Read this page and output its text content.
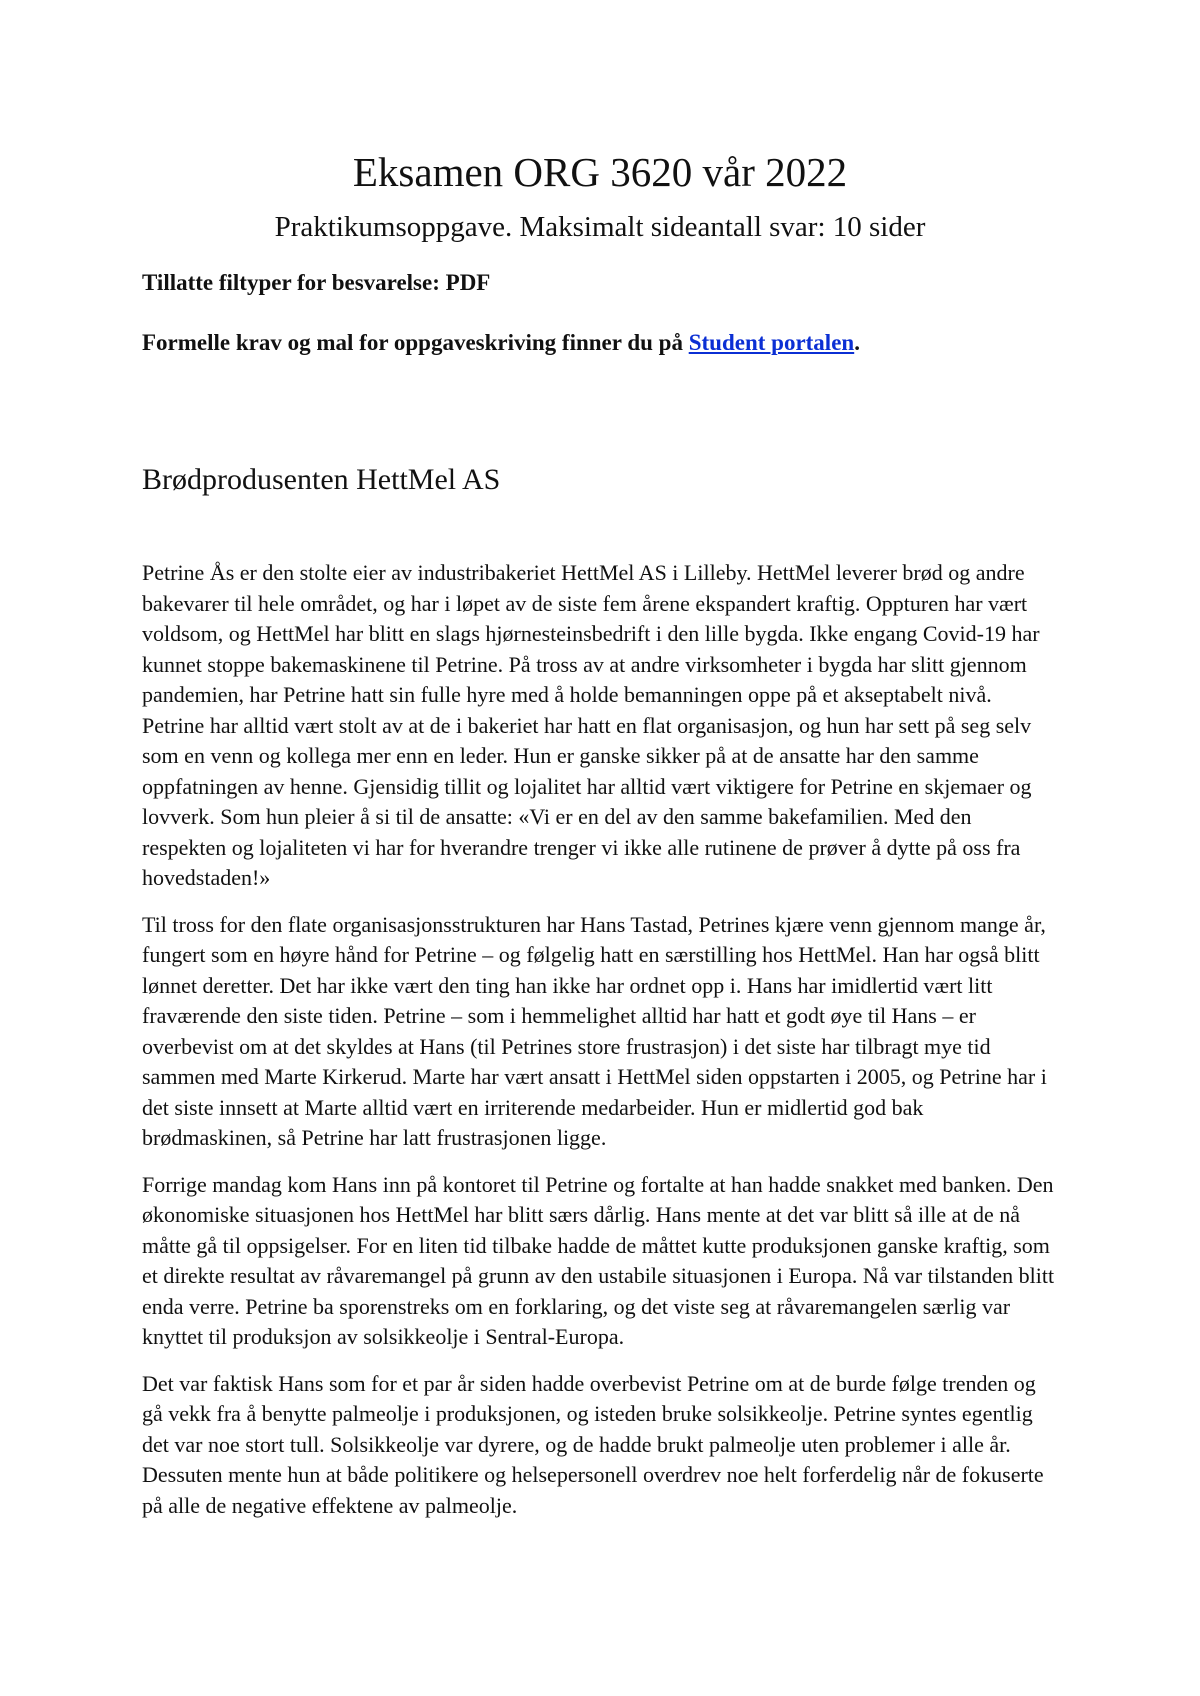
Eksamen ORG 3620 vår 2022
Praktikumsoppgave. Maksimalt sideantall svar: 10 sider

Tillatte filtyper for besvarelse: PDF

Formelle krav og mal for oppgaveskriving finner du på Student portalen.

Brødprodusenten HettMel AS

Petrine Ås er den stolte eier av industribakeriet HettMel AS i Lilleby. HettMel leverer brød og andre bakevarer til hele området, og har i løpet av de siste fem årene ekspandert kraftig. Oppturen har vært voldsom, og HettMel har blitt en slags hjørnesteinsbedrift i den lille bygda. Ikke engang Covid-19 har kunnet stoppe bakemaskinene til Petrine. På tross av at andre virksomheter i bygda har slitt gjennom pandemien, har Petrine hatt sin fulle hyre med å holde bemanningen oppe på et akseptabelt nivå. Petrine har alltid vært stolt av at de i bakeriet har hatt en flat organisasjon, og hun har sett på seg selv som en venn og kollega mer enn en leder. Hun er ganske sikker på at de ansatte har den samme oppfatningen av henne. Gjensidig tillit og lojalitet har alltid vært viktigere for Petrine en skjemaer og lovverk. Som hun pleier å si til de ansatte: «Vi er en del av den samme bakefamilien. Med den respekten og lojaliteten vi har for hverandre trenger vi ikke alle rutinene de prøver å dytte på oss fra hovedstaden!»

Til tross for den flate organisasjonsstrukturen har Hans Tastad, Petrines kjære venn gjennom mange år, fungert som en høyre hånd for Petrine – og følgelig hatt en særstilling hos HettMel. Han har også blitt lønnet deretter. Det har ikke vært den ting han ikke har ordnet opp i. Hans har imidlertid vært litt fraværende den siste tiden. Petrine – som i hemmelighet alltid har hatt et godt øye til Hans – er overbevist om at det skyldes at Hans (til Petrines store frustrasjon) i det siste har tilbragt mye tid sammen med Marte Kirkerud. Marte har vært ansatt i HettMel siden oppstarten i 2005, og Petrine har i det siste innsett at Marte alltid vært en irriterende medarbeider. Hun er midlertid god bak brødmaskinen, så Petrine har latt frustrasjonen ligge.

Forrige mandag kom Hans inn på kontoret til Petrine og fortalte at han hadde snakket med banken. Den økonomiske situasjonen hos HettMel har blitt særs dårlig. Hans mente at det var blitt så ille at de nå måtte gå til oppsigelser. For en liten tid tilbake hadde de måttet kutte produksjonen ganske kraftig, som et direkte resultat av råvaremangel på grunn av den ustabile situasjonen i Europa. Nå var tilstanden blitt enda verre. Petrine ba sporenstreks om en forklaring, og det viste seg at råvaremangelen særlig var knyttet til produksjon av solsikkeolje i Sentral-Europa.

Det var faktisk Hans som for et par år siden hadde overbevist Petrine om at de burde følge trenden og gå vekk fra å benytte palmeolje i produksjonen, og isteden bruke solsikkeolje. Petrine syntes egentlig det var noe stort tull. Solsikkeolje var dyrere, og de hadde brukt palmeolje uten problemer i alle år. Dessuten mente hun at både politikere og helsepersonell overdrev noe helt forferdelig når de fokuserte på alle de negative effektene av palmeolje.
